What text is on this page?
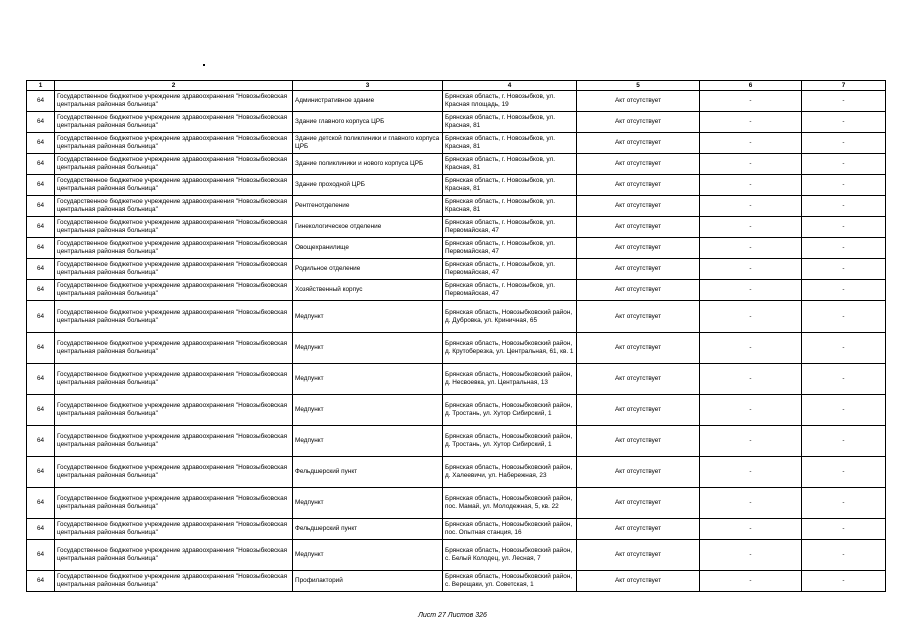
1	2	3	4	5	6	7
64	Государственное бюджетное учреждение здравоохранения "Новозыбковская центральная районная больница"	Административное здание	Брянская область, г. Новозыбков, ул. Красная площадь, 19	Акт отсутствует	-	-
64	Государственное бюджетное учреждение здравоохранения "Новозыбковская центральная районная больница"	Здание главного корпуса ЦРБ	Брянская область, г. Новозыбков, ул. Красная, 81	Акт отсутствует	-	-
64	Государственное бюджетное учреждение здравоохранения "Новозыбковская центральная районная больница"	Здание детской поликлиники и главного корпуса ЦРБ	Брянская область, г. Новозыбков, ул. Красная, 81	Акт отсутствует	-	-
64	Государственное бюджетное учреждение здравоохранения "Новозыбковская центральная районная больница"	Здание поликлиники и нового корпуса ЦРБ	Брянская область, г. Новозыбков, ул. Красная, 81	Акт отсутствует	-	-
64	Государственное бюджетное учреждение здравоохранения "Новозыбковская центральная районная больница"	Здание проходной ЦРБ	Брянская область, г. Новозыбков, ул. Красная, 81	Акт отсутствует	-	-
64	Государственное бюджетное учреждение здравоохранения "Новозыбковская центральная районная больница"	Рентгенотделение	Брянская область, г. Новозыбков, ул. Красная, 81	Акт отсутствует	-	-
64	Государственное бюджетное учреждение здравоохранения "Новозыбковская центральная районная больница"	Гинекологическое отделение	Брянская область, г. Новозыбков, ул. Первомайская, 47	Акт отсутствует	-	-
64	Государственное бюджетное учреждение здравоохранения "Новозыбковская центральная районная больница"	Овощехранилище	Брянская область, г. Новозыбков, ул. Первомайская, 47	Акт отсутствует	-	-
64	Государственное бюджетное учреждение здравоохранения "Новозыбковская центральная районная больница"	Родильное отделение	Брянская область, г. Новозыбков, ул. Первомайская, 47	Акт отсутствует	-	-
64	Государственное бюджетное учреждение здравоохранения "Новозыбковская центральная районная больница"	Хозяйственный корпус	Брянская область, г. Новозыбков, ул. Первомайская, 47	Акт отсутствует	-	-
64	Государственное бюджетное учреждение здравоохранения "Новозыбковская центральная районная больница"	Медпункт	Брянская область, Новозыбковский район, д. Дубровка, ул. Криничная, 65	Акт отсутствует	-	-
64	Государственное бюджетное учреждение здравоохранения "Новозыбковская центральная районная больница"	Медпункт	Брянская область, Новозыбковский район, д. Крутоберезка, ул. Центральная, 61, кв. 1	Акт отсутствует	-	-
64	Государственное бюджетное учреждение здравоохранения "Новозыбковская центральная районная больница"	Медпункт	Брянская область, Новозыбковский район, д. Несвоевка, ул. Центральная, 13	Акт отсутствует	-	-
64	Государственное бюджетное учреждение здравоохранения "Новозыбковская центральная районная больница"	Медпункт	Брянская область, Новозыбковский район, д. Тростань, ул. Хутор Сибирский, 1	Акт отсутствует	-	-
64	Государственное бюджетное учреждение здравоохранения "Новозыбковская центральная районная больница"	Медпункт	Брянская область, Новозыбковский район, д. Тростань, ул. Хутор Сибирский, 1	Акт отсутствует	-	-
64	Государственное бюджетное учреждение здравоохранения "Новозыбковская центральная районная больница"	Фельдшерский пункт	Брянская область, Новозыбковский район, д. Халеевичи, ул. Набережная, 23	Акт отсутствует	-	-
64	Государственное бюджетное учреждение здравоохранения "Новозыбковская центральная районная больница"	Медпункт	Брянская область, Новозыбковский район, пос. Мамай, ул. Молодежная, 5, кв. 22	Акт отсутствует	-	-
64	Государственное бюджетное учреждение здравоохранения "Новозыбковская центральная районная больница"	Фельдшерский пункт	Брянская область, Новозыбковский район, пос. Опытная станция, 16	Акт отсутствует	-	-
64	Государственное бюджетное учреждение здравоохранения "Новозыбковская центральная районная больница"	Медпункт	Брянская область, Новозыбковский район, с. Белый Колодец, ул. Лесная, 7	Акт отсутствует	-	-
64	Государственное бюджетное учреждение здравоохранения "Новозыбковская центральная районная больница"	Профилакторий	Брянская область, Новозыбковский район, с. Верещаки, ул. Советская, 1	Акт отсутствует	-	-
Лист 27 Листов 326
